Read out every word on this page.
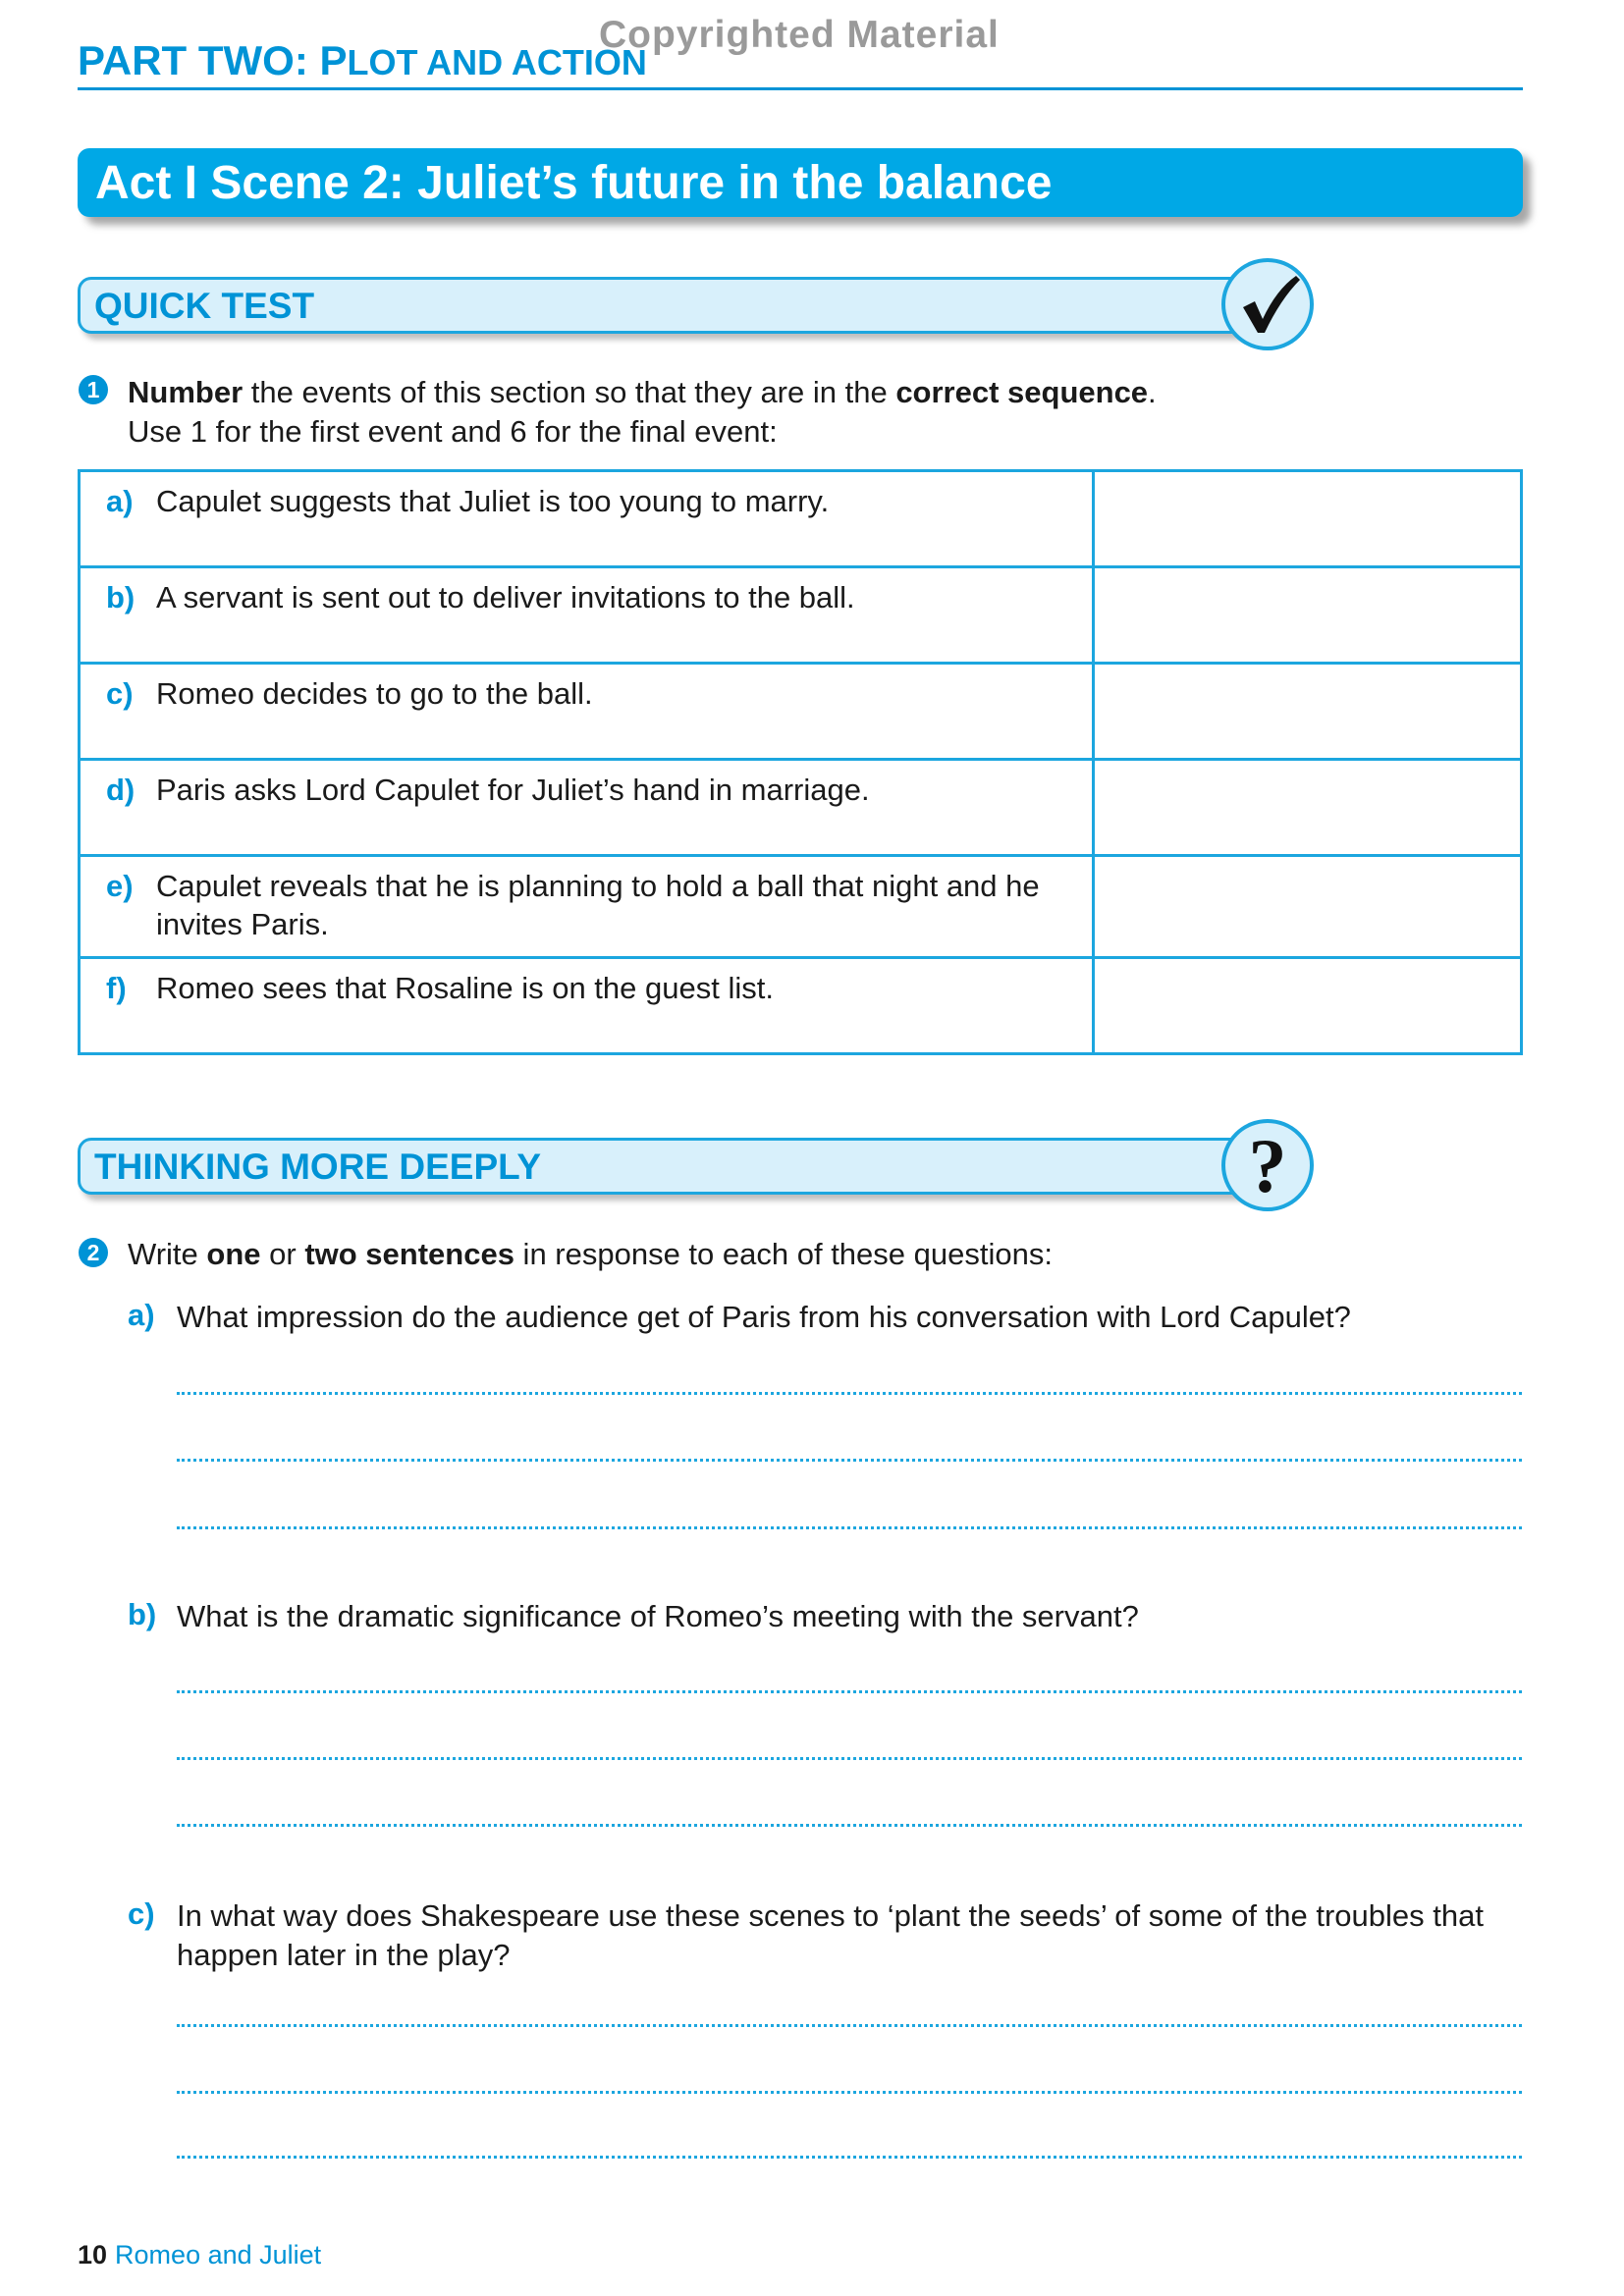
Copyrighted Material
PART TWO: PLOT AND ACTION
Act I Scene 2: Juliet’s future in the balance
QUICK TEST
1 Number the events of this section so that they are in the correct sequence.
Use 1 for the first event and 6 for the final event:
a) Capulet suggests that Juliet is too young to marry.	

b) A servant is sent out to deliver invitations to the ball.	

c) Romeo decides to go to the ball.	

d) Paris asks Lord Capulet for Juliet’s hand in marriage.	

e) Capulet reveals that he is planning to hold a ball that night and he invites Paris.	

f) Romeo sees that Rosaline is on the guest list.	

THINKING MORE DEEPLY	?
2 Write one or two sentences in response to each of these questions:
a) What impression do the audience get of Paris from his conversation with Lord Capulet?
b) What is the dramatic significance of Romeo’s meeting with the servant?
c) In what way does Shakespeare use these scenes to ‘plant the seeds’ of some of the troubles that happen later in the play?
10 Romeo and Juliet
